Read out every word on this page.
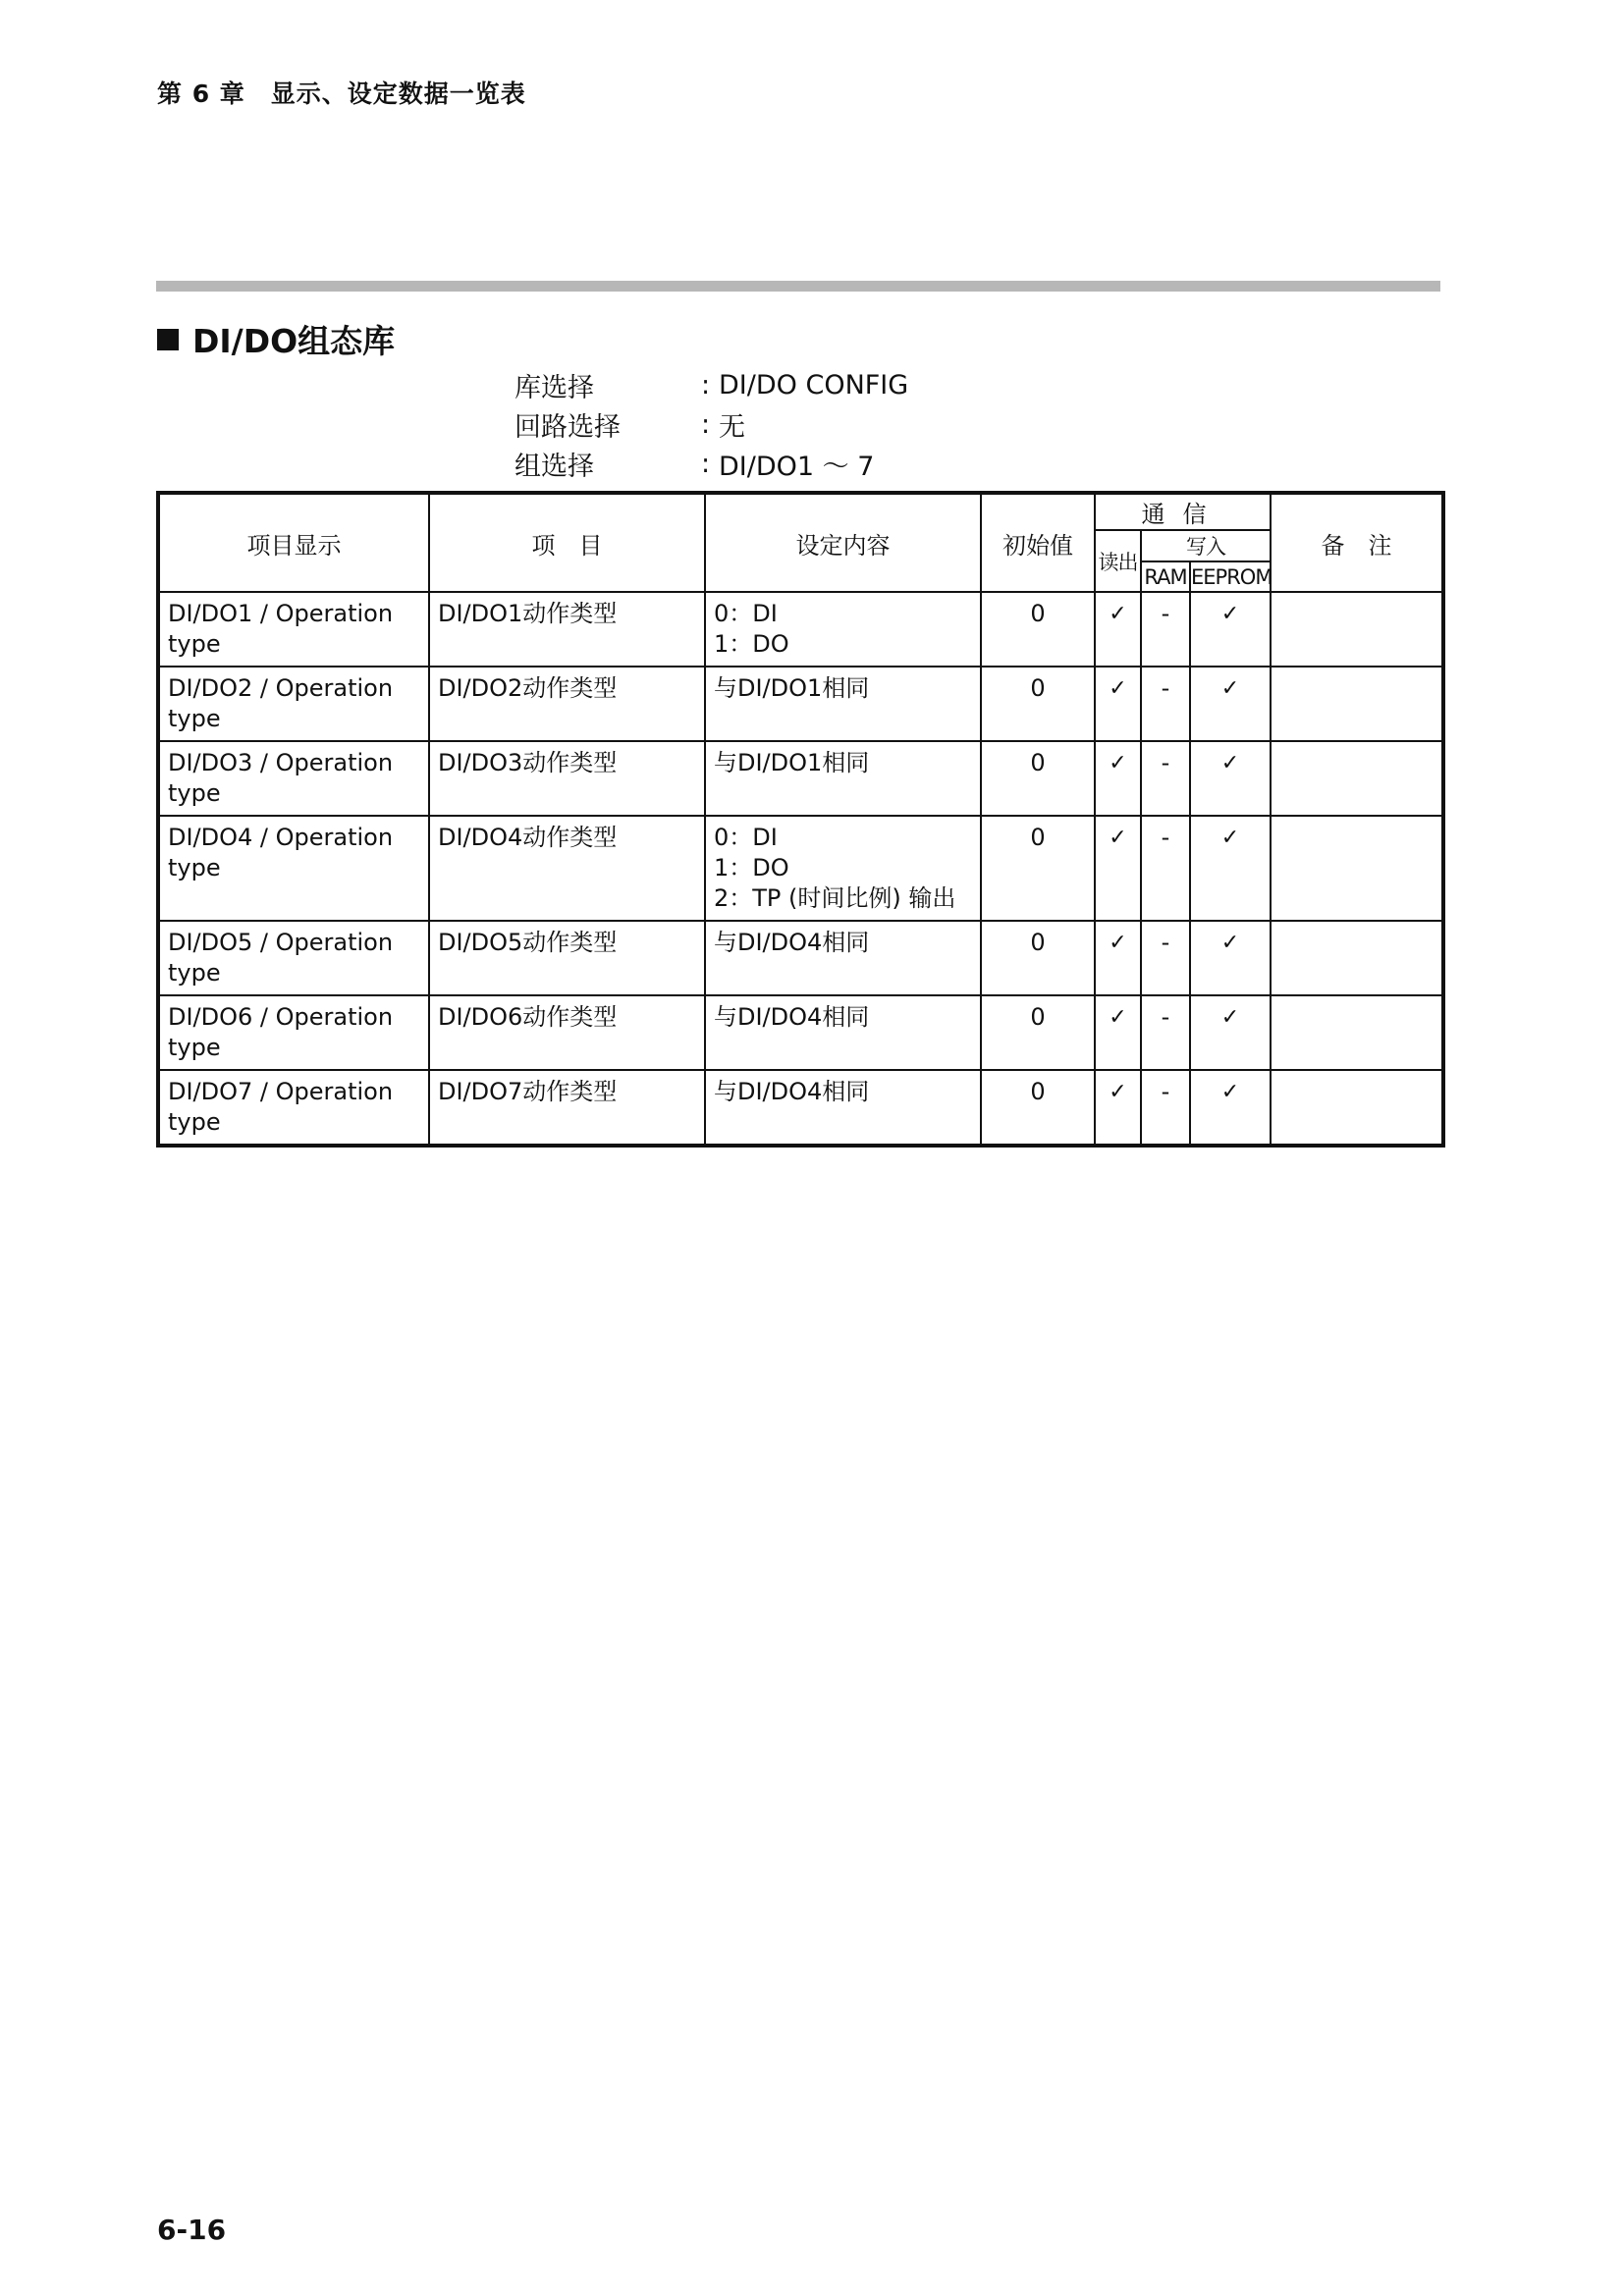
第 6 章　显示、设定数据一览表
DI/DO组态库
库选择	: DI/DO CONFIG
回路选择	: 无
组选择	: DI/DO1 ～ 7
项目显示	项　目	设定内容	初始值	通信			备　注
				读出	写入		
					RAM	EEPROM	

DI/DO1 / Operation
type	DI/DO1动作类型	0：DI
1：DO	0	✓	-	✓	

DI/DO2 / Operation
type	DI/DO2动作类型	与DI/DO1相同	0	✓	-	✓	

DI/DO3 / Operation
type	DI/DO3动作类型	与DI/DO1相同	0	✓	-	✓	

DI/DO4 / Operation
type	DI/DO4动作类型	0：DI
1：DO
2：TP (时间比例) 输出	0	✓	-	✓	

DI/DO5 / Operation
type	DI/DO5动作类型	与DI/DO4相同	0	✓	-	✓	

DI/DO6 / Operation
type	DI/DO6动作类型	与DI/DO4相同	0	✓	-	✓	

DI/DO7 / Operation
type	DI/DO7动作类型	与DI/DO4相同	0	✓	-	✓	
6-16
